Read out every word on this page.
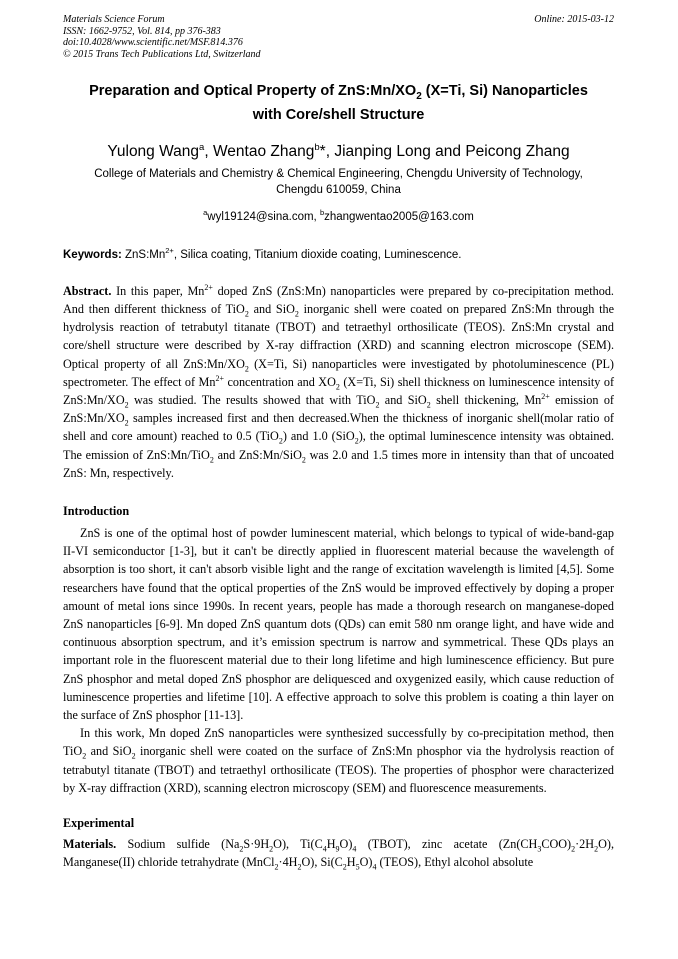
Materials Science Forum
ISSN: 1662-9752, Vol. 814, pp 376-383
doi:10.4028/www.scientific.net/MSF.814.376
© 2015 Trans Tech Publications Ltd, Switzerland
Online: 2015-03-12
Preparation and Optical Property of $ZnS:Mn/XO_2$ (X=Ti, Si) Nanoparticles
with Core/shell Structure
Yulong Wang$^a$, Wentao Zhang$^b$*, Jianping Long and Peicong Zhang
College of Materials and Chemistry & Chemical Engineering, Chengdu University of Technology,
Chengdu 610059, China
$^a$wyl19124@sina.com, $^b$zhangwentao2005@163.com
Keywords: $ZnS:Mn^{2+}$, Silica coating, Titanium dioxide coating, Luminescence.
Abstract. In this paper, $Mn^{2+}$ doped ZnS (ZnS:Mn) nanoparticles were prepared by co-precipitation method. And then different thickness of TiO$_2$ and SiO$_2$ inorganic shell were coated on prepared ZnS:Mn through the hydrolysis reaction of tetrabutyl titanate (TBOT) and tetraethyl orthosilicate (TEOS). ZnS:Mn crystal and core/shell structure were described by X-ray diffraction (XRD) and scanning electron microscope (SEM). Optical property of all $ZnS:Mn/XO_2$ (X=Ti, Si) nanoparticles were investigated by photoluminescence (PL) spectrometer. The effect of $Mn^{2+}$ concentration and $XO_2$ (X=Ti, Si) shell thickness on luminescence intensity of $ZnS:Mn/XO_2$ was studied. The results showed that with TiO$_2$ and SiO$_2$ shell thickening, $Mn^{2+}$ emission of $ZnS:Mn/XO_2$ samples increased first and then decreased.When the thickness of inorganic shell(molar ratio of shell and core amount) reached to 0.5 (TiO$_2$) and 1.0 (SiO$_2$), the optimal luminescence intensity was obtained. The emission of ZnS:Mn/TiO$_2$ and ZnS:Mn/SiO$_2$ was 2.0 and 1.5 times more in intensity than that of uncoated ZnS: Mn, respectively.
Introduction
ZnS is one of the optimal host of powder luminescent material, which belongs to typical of wide-band-gap II-VI semiconductor [1-3], but it can't be directly applied in fluorescent material because the wavelength of absorption is too short, it can't absorb visible light and the range of excitation wavelength is limited [4,5]. Some researchers have found that the optical properties of the ZnS would be improved effectively by doping a proper amount of metal ions since 1990s. In recent years, people has made a thorough research on manganese-doped ZnS nanoparticles [6-9]. Mn doped ZnS quantum dots (QDs) can emit 580 nm orange light, and have wide and continuous absorption spectrum, and it’s emission spectrum is narrow and symmetrical. These QDs plays an important role in the fluorescent material due to their long lifetime and high luminescence efficiency. But pure ZnS phosphor and metal doped ZnS phosphor are deliquesced and oxygenized easily, which cause reduction of luminescence properties and lifetime [10]. A effective approach to solve this problem is coating a thin layer on the surface of ZnS phosphor [11-13].
In this work, Mn doped ZnS nanoparticles were synthesized successfully by co-precipitation method, then TiO$_2$ and SiO$_2$ inorganic shell were coated on the surface of ZnS:Mn phosphor via the hydrolysis reaction of tetrabutyl titanate (TBOT) and tetraethyl orthosilicate (TEOS). The properties of phosphor were characterized by X-ray diffraction (XRD), scanning electron microscopy (SEM) and fluorescence measurements.
Experimental
Materials. Sodium sulfide $(Na_2S\cdot 9H_2O)$, $Ti(C_4H_9O)_4$ (TBOT), zinc acetate $(Zn(CH_3COO)_2\cdot 2H_2O)$, Manganese(II) chloride tetrahydrate $(MnCl_2\cdot 4H_2O)$, $Si(C_2H_5O)_4$ (TEOS), Ethyl alcohol absolute
